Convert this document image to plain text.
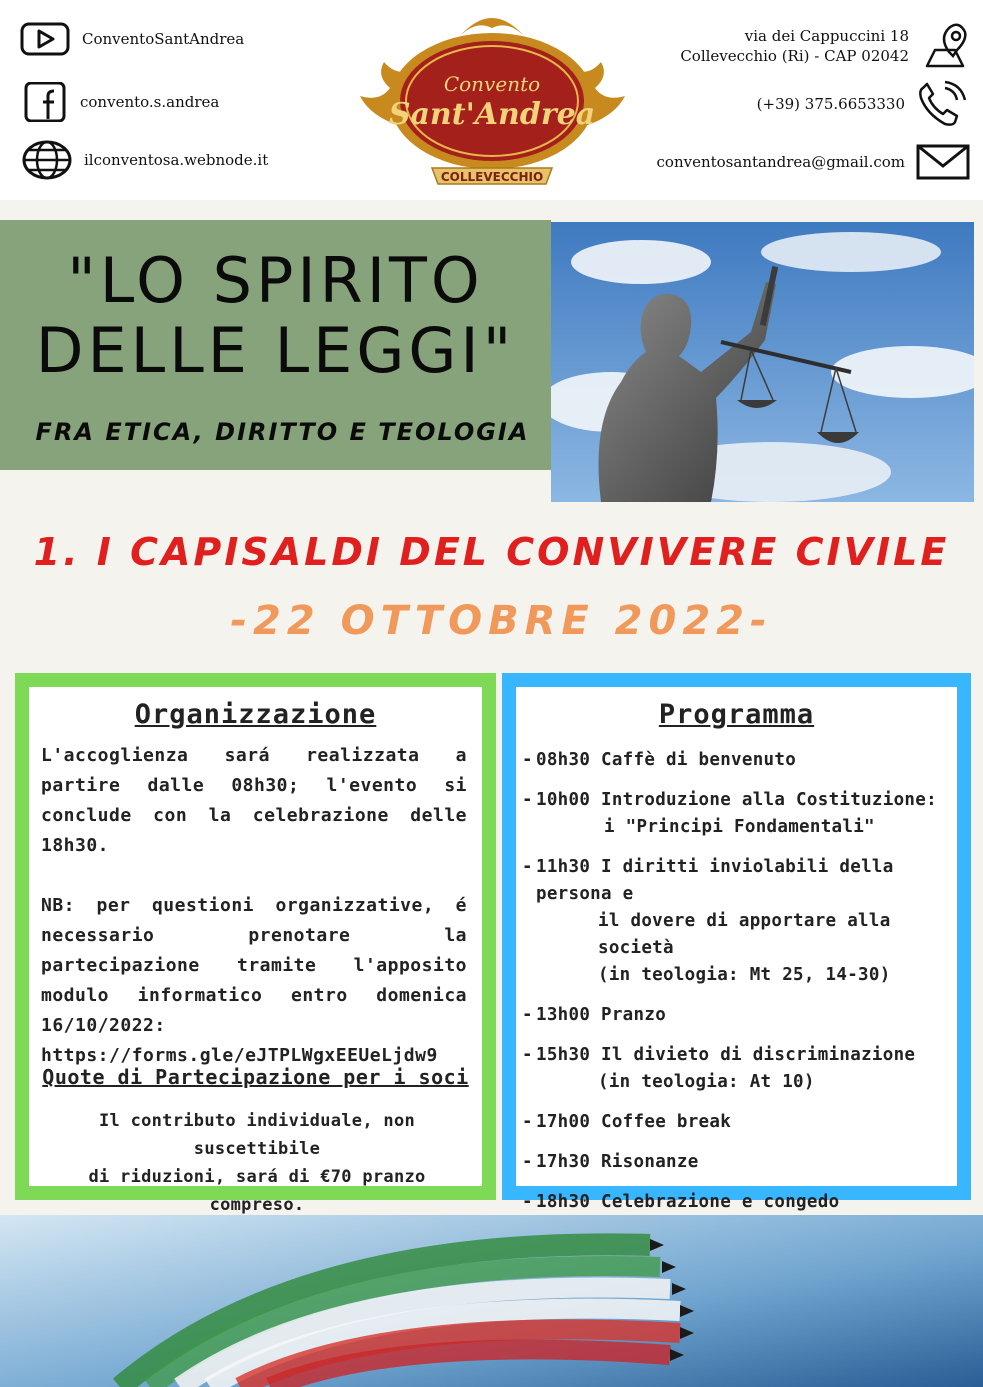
ConventoSantAndrea
convento.s.andrea
ilconventosa.webnode.it
Convento
Sant'Andrea
COLLEVECCHIO
via dei Cappuccini 18
Collevecchio (Ri) - CAP 02042
(+39) 375.6653330
conventosantandrea@gmail.com
"LO SPIRITO
DELLE LEGGI"
FRA ETICA, DIRITTO E TEOLOGIA
1. I CAPISALDI DEL CONVIVERE CIVILE
-22 OTTOBRE 2022-
Organizzazione

L'accoglienza sará realizzata a partire dalle 08h30; l'evento si conclude con la celebrazione delle 18h30.

NB: per questioni organizzative, é necessario prenotare la partecipazione tramite l'apposito modulo informatico entro domenica 16/10/2022: https://forms.gle/eJTPLWgxEEUeLjdw9

Quote di Partecipazione per i soci
Il contributo individuale, non suscettibile
di riduzioni, sará di €70 pranzo compreso.
Programma
- 08h30 Caffè di benvenuto
- 10h00 Introduzione alla Costituzione:
i "Principi Fondamentali"
- 11h30 I diritti inviolabili della persona e
il dovere di apportare alla società
(in teologia: Mt 25, 14-30)
- 13h00 Pranzo
- 15h30 Il divieto di discriminazione
(in teologia: At 10)
- 17h00 Coffee break
- 17h30 Risonanze
- 18h30 Celebrazione e congedo
